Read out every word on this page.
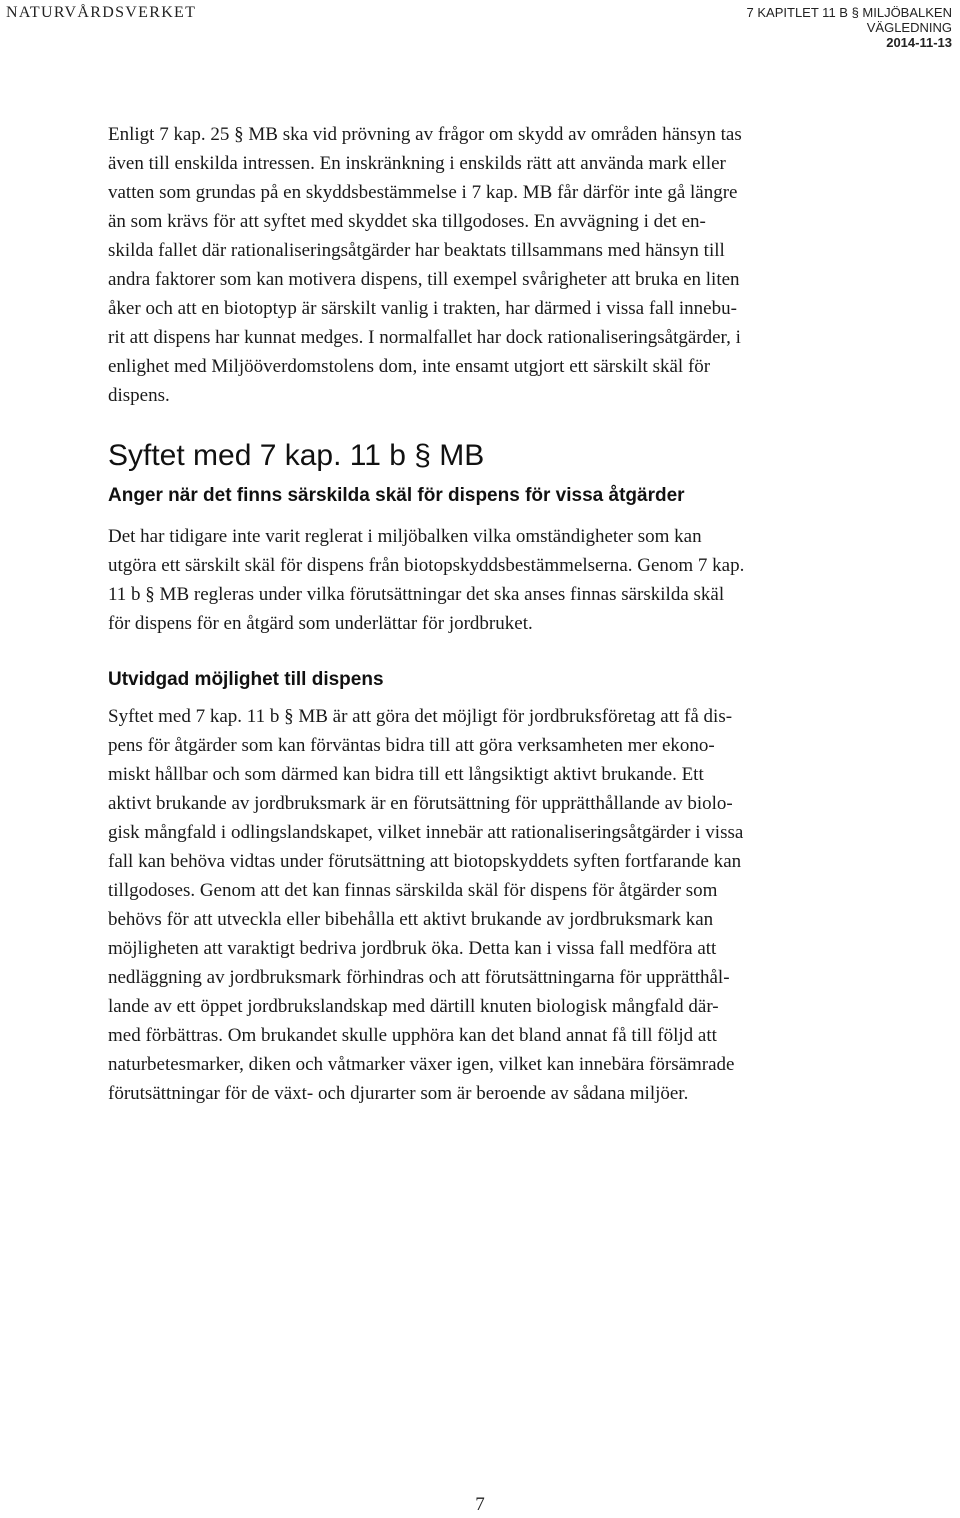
NATURVÅRDSVERKET	7 KAPITLET 11 B § MILJÖBALKEN
VÄGLEDNING
2014-11-13

Enligt 7 kap. 25 § MB ska vid prövning av frågor om skydd av områden hänsyn tas
även till enskilda intressen. En inskränkning i enskilds rätt att använda mark eller
vatten som grundas på en skyddsbestämmelse i 7 kap. MB får därför inte gå längre
än som krävs för att syftet med skyddet ska tillgodoses. En avvägning i det en-
skilda fallet där rationaliseringsåtgärder har beaktats tillsammans med hänsyn till
andra faktorer som kan motivera dispens, till exempel svårigheter att bruka en liten
åker och att en biotoptyp är särskilt vanlig i trakten, har därmed i vissa fall innebu-
rit att dispens har kunnat medges. I normalfallet har dock rationaliseringsåtgärder, i
enlighet med Miljööverdomstolens dom, inte ensamt utgjort ett särskilt skäl för
dispens.

Syftet med 7 kap. 11 b § MB
Anger när det finns särskilda skäl för dispens för vissa åtgärder

Det har tidigare inte varit reglerat i miljöbalken vilka omständigheter som kan
utgöra ett särskilt skäl för dispens från biotopskyddsbestämmelserna. Genom 7 kap.
11 b § MB regleras under vilka förutsättningar det ska anses finnas särskilda skäl
för dispens för en åtgärd som underlättar för jordbruket.

Utvidgad möjlighet till dispens

Syftet med 7 kap. 11 b § MB är att göra det möjligt för jordbruksföretag att få dis-
pens för åtgärder som kan förväntas bidra till att göra verksamheten mer ekono-
miskt hållbar och som därmed kan bidra till ett långsiktigt aktivt brukande. Ett
aktivt brukande av jordbruksmark är en förutsättning för upprätthållande av biolo-
gisk mångfald i odlingslandskapet, vilket innebär att rationaliseringsåtgärder i vissa
fall kan behöva vidtas under förutsättning att biotopskyddets syften fortfarande kan
tillgodoses. Genom att det kan finnas särskilda skäl för dispens för åtgärder som
behövs för att utveckla eller bibehålla ett aktivt brukande av jordbruksmark kan
möjligheten att varaktigt bedriva jordbruk öka. Detta kan i vissa fall medföra att
nedläggning av jordbruksmark förhindras och att förutsättningarna för upprätthål-
lande av ett öppet jordbrukslandskap med därtill knuten biologisk mångfald där-
med förbättras. Om brukandet skulle upphöra kan det bland annat få till följd att
naturbetesmarker, diken och våtmarker växer igen, vilket kan innebära försämrade
förutsättningar för de växt- och djurarter som är beroende av sådana miljöer.

7
